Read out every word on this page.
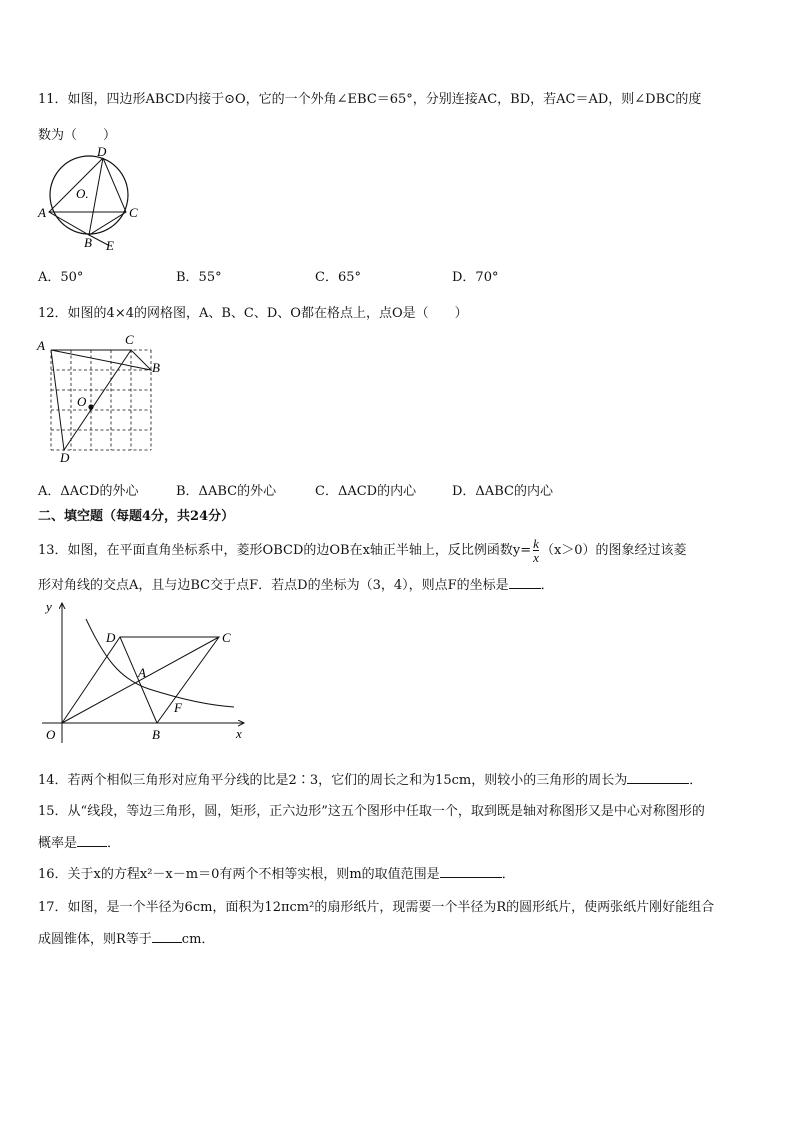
11．如图，四边形ABCD内接于⊙O，它的一个外角∠EBC＝65°，分别连接AC，BD，若AC＝AD，则∠DBC的度
数为（　　）
D
A	C
B E
O.
A．50°	B．55°	C．65°	D．70°
12．如图的4×4的网格图，A、B、C、D、O都在格点上，点O是（　　）
A	C
B
O
D
A．ΔACD的外心	B．ΔABC的外心	C．ΔACD的内心	D．ΔABC的内心
二、填空题（每题4分，共24分）
13．如图，在平面直角坐标系中，菱形OBCD的边OB在x轴正半轴上，反比例函数$y= \frac{k}{x} (x>0)$的图象经过该菱
形对角线的交点A，且与边BC交于点F．若点D的坐标为（3，4），则点F的坐标是 ．
y
x
O	B
C
D
A
F
14．若两个相似三角形对应角平分线的比是2∶3，它们的周长之和为15cm，则较小的三角形的周长为	．
15．从“线段，等边三角形，圆，矩形，正六边形”这五个图形中任取一个，取到既是轴对称图形又是中心对称图形的
概率是 ．
16．关于x的方程x²－x－m＝0有两个不相等实根，则m的取值范围是	．
17．如图，是一个半径为6cm，面积为12πcm²的扇形纸片，现需要一个半径为R的圆形纸片，使两张纸片刚好能组合
成圆锥体，则R等于 cm．
